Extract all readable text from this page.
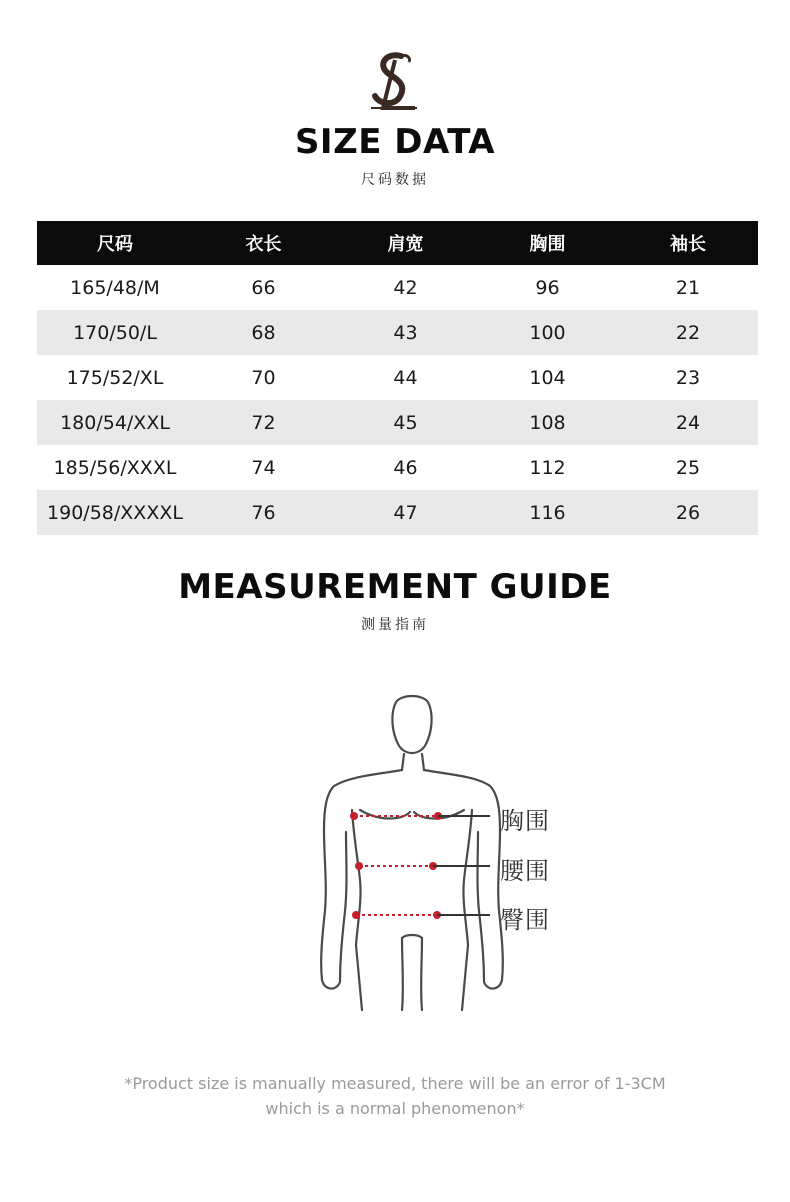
SIZE DATA
尺码数据
尺码	衣长	肩宽	胸围	袖长
165/48/M	66	42	96	21
170/50/L	68	43	100	22
175/52/XL	70	44	104	23
180/54/XXL	72	45	108	24
185/56/XXXL	74	46	112	25
190/58/XXXXL	76	47	116	26
MEASUREMENT GUIDE
测量指南
胸围
腰围
臀围
*Product size is manually measured, there will be an error of 1-3CM
which is a normal phenomenon*
